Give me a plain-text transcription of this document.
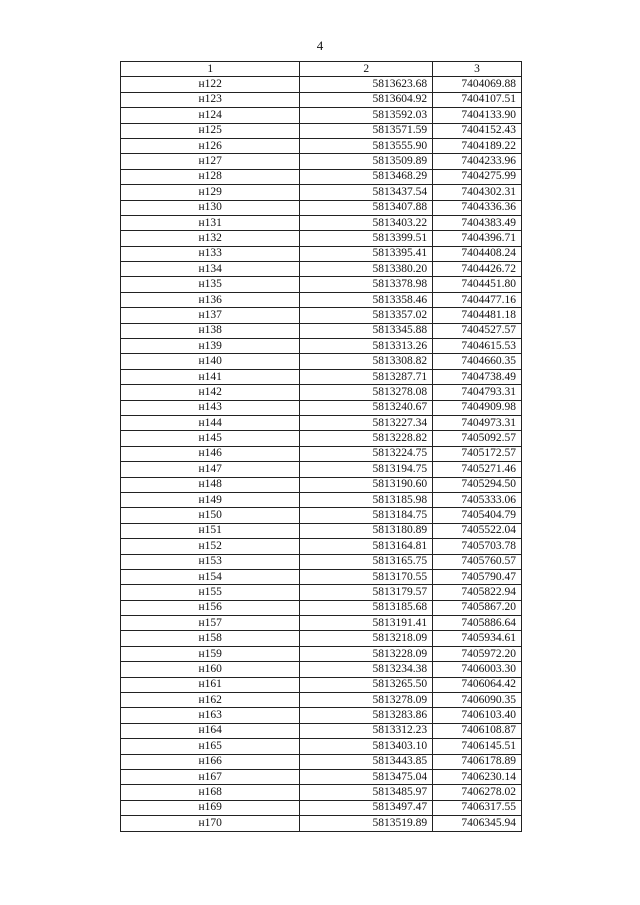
4
1	2	3
н122	5813623.68	7404069.88
н123	5813604.92	7404107.51
н124	5813592.03	7404133.90
н125	5813571.59	7404152.43
н126	5813555.90	7404189.22
н127	5813509.89	7404233.96
н128	5813468.29	7404275.99
н129	5813437.54	7404302.31
н130	5813407.88	7404336.36
н131	5813403.22	7404383.49
н132	5813399.51	7404396.71
н133	5813395.41	7404408.24
н134	5813380.20	7404426.72
н135	5813378.98	7404451.80
н136	5813358.46	7404477.16
н137	5813357.02	7404481.18
н138	5813345.88	7404527.57
н139	5813313.26	7404615.53
н140	5813308.82	7404660.35
н141	5813287.71	7404738.49
н142	5813278.08	7404793.31
н143	5813240.67	7404909.98
н144	5813227.34	7404973.31
н145	5813228.82	7405092.57
н146	5813224.75	7405172.57
н147	5813194.75	7405271.46
н148	5813190.60	7405294.50
н149	5813185.98	7405333.06
н150	5813184.75	7405404.79
н151	5813180.89	7405522.04
н152	5813164.81	7405703.78
н153	5813165.75	7405760.57
н154	5813170.55	7405790.47
н155	5813179.57	7405822.94
н156	5813185.68	7405867.20
н157	5813191.41	7405886.64
н158	5813218.09	7405934.61
н159	5813228.09	7405972.20
н160	5813234.38	7406003.30
н161	5813265.50	7406064.42
н162	5813278.09	7406090.35
н163	5813283.86	7406103.40
н164	5813312.23	7406108.87
н165	5813403.10	7406145.51
н166	5813443.85	7406178.89
н167	5813475.04	7406230.14
н168	5813485.97	7406278.02
н169	5813497.47	7406317.55
н170	5813519.89	7406345.94
